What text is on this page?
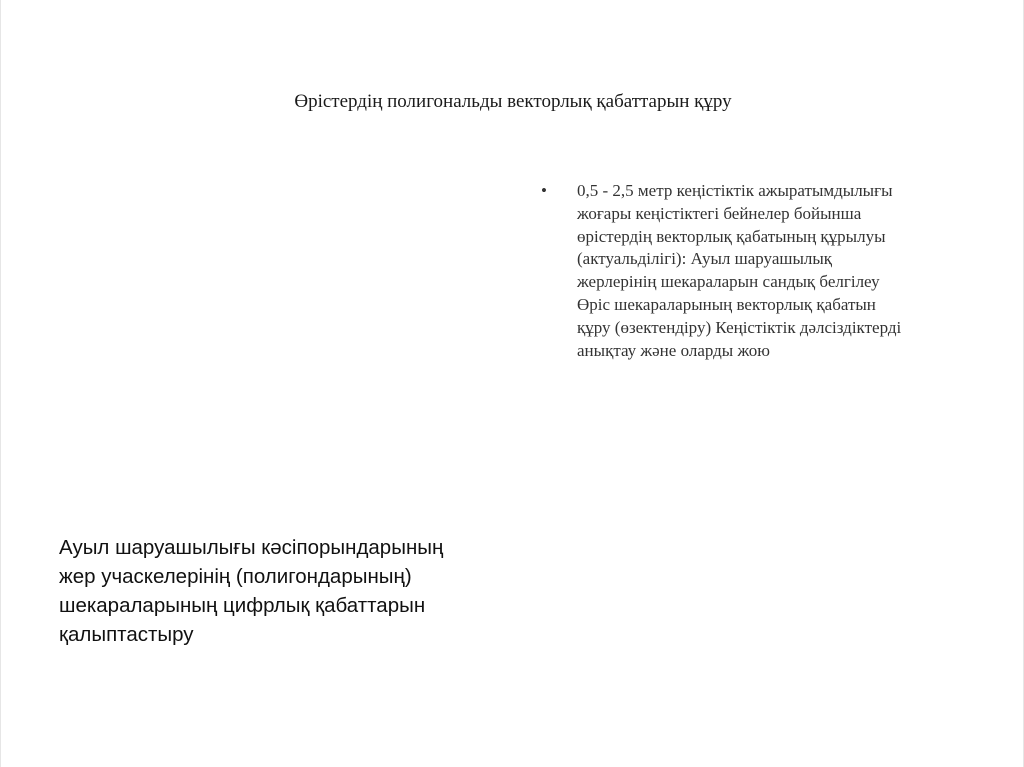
Өрістердің полигональды векторлық қабаттарын құру
•	0,5 - 2,5 метр кеңістіктік ажыратымдылығы
жоғары кеңістіктегі бейнелер бойынша
өрістердің векторлық қабатының құрылуы
(актуальділігі): Ауыл шаруашылық
жерлерінің шекараларын сандық белгілеу
Өріс шекараларының векторлық қабатын
құру (өзектендіру) Кеңістіктік дәлсіздіктерді
анықтау және оларды жою
Ауыл шаруашылығы кәсіпорындарының
жер учаскелерінің (полигондарының)
шекараларының цифрлық қабаттарын
қалыптастыру
